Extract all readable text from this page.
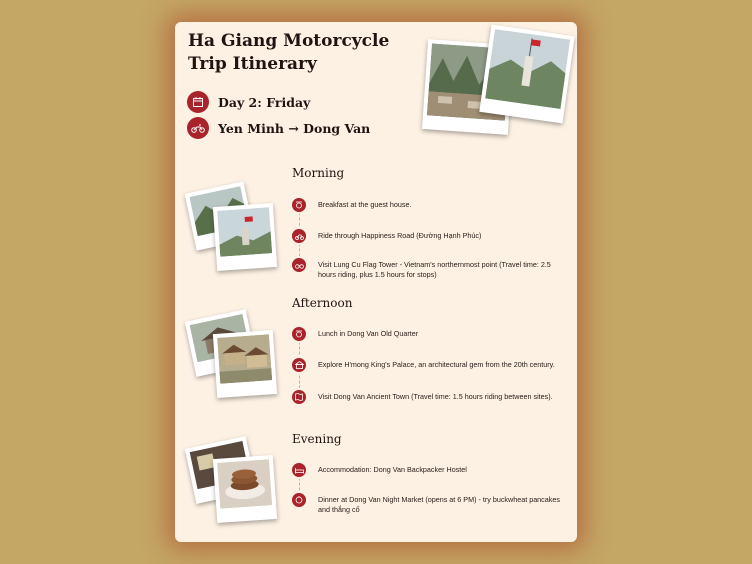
Ha Giang Motorcycle Trip Itinerary
Day 2: Friday
Yen Minh → Dong Van
Morning
Breakfast at the guest house.
Ride through Happiness Road (Đường Hạnh Phúc)
Visit Lung Cu Flag Tower - Vietnam's northernmost point (Travel time: 2.5 hours riding, plus 1.5 hours for stops)
Afternoon
Lunch in Dong Van Old Quarter
Explore H'mong King's Palace, an architectural gem from the 20th century.
Visit Dong Van Ancient Town (Travel time: 1.5 hours riding between sites).
Evening
Accommodation: Dong Van Backpacker Hostel
Dinner at Dong Van Night Market (opens at 6 PM) - try buckwheat pancakes and thắng cố
